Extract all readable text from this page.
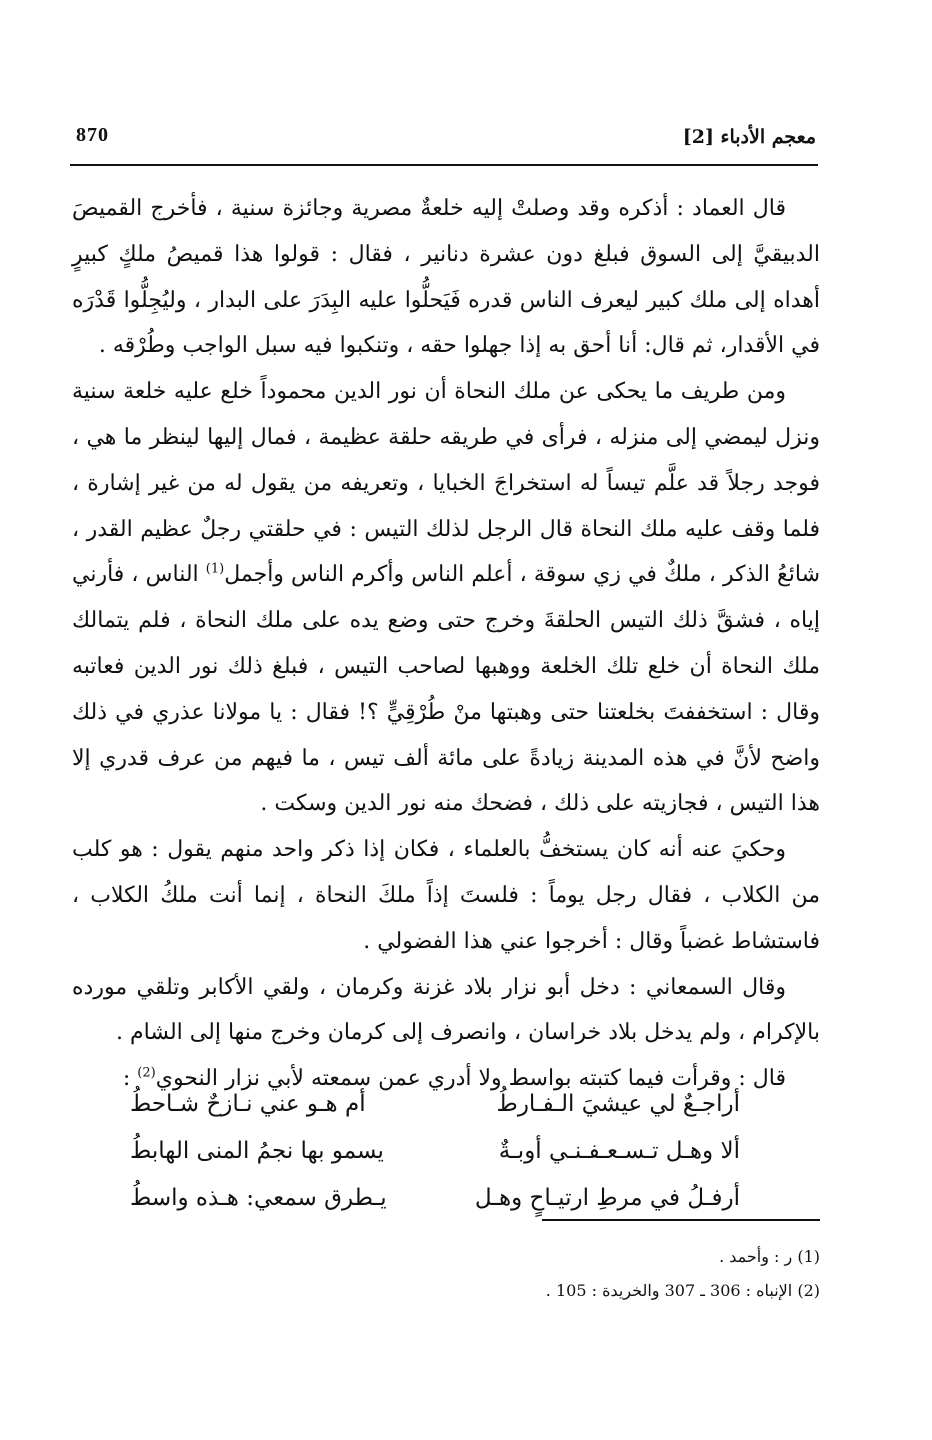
معجم الأدباء [2]
870

قال العماد : أذكره وقد وصلتْ إليه خلعةٌ مصرية وجائزة سنية ، فأخرج القميصَ الدبيقيَّ إلى السوق فبلغ دون عشرة دنانير ، فقال : قولوا هذا قميصُ ملكٍ كبيرٍ أهداه إلى ملك كبير ليعرف الناس قدره فَيَحلُّوا عليه البِدَرَ على البدار ، وليُجِلُّوا قَدْرَه في الأقدار، ثم قال: أنا أحق به إذا جهلوا حقه ، وتنكبوا فيه سبل الواجب وطُرْقه .

ومن طريف ما يحكى عن ملك النحاة أن نور الدين محموداً خلع عليه خلعة سنية ونزل ليمضي إلى منزله ، فرأى في طريقه حلقة عظيمة ، فمال إليها لينظر ما هي ، فوجد رجلاً قد علَّم تيساً له استخراجَ الخبايا ، وتعريفه من يقول له من غير إشارة ، فلما وقف عليه ملك النحاة قال الرجل لذلك التيس : في حلقتي رجلٌ عظيم القدر ، شائعُ الذكر ، ملكٌ في زي سوقة ، أعلم الناس وأكرم الناس وأجمل$^{(1)}$ الناس ، فأرني إياه ، فشقَّ ذلك التيس الحلقةَ وخرج حتى وضع يده على ملك النحاة ، فلم يتمالك ملك النحاة أن خلع تلك الخلعة ووهبها لصاحب التيس ، فبلغ ذلك نور الدين فعاتبه وقال : استخففتَ بخلعتنا حتى وهبتها منْ طُرْقِيٍّ ؟! فقال : يا مولانا عذري في ذلك واضح لأنَّ في هذه المدينة زيادةً على مائة ألف تيس ، ما فيهم من عرف قدري إلا هذا التيس ، فجازيته على ذلك ، فضحك منه نور الدين وسكت .

وحكيَ عنه أنه كان يستخفُّ بالعلماء ، فكان إذا ذكر واحد منهم يقول : هو كلب من الكلاب ، فقال رجل يوماً : فلستَ إذاً ملكَ النحاة ، إنما أنت ملكُ الكلاب ، فاستشاط غضباً وقال : أخرجوا عني هذا الفضولي .

وقال السمعاني : دخل أبو نزار بلاد غزنة وكرمان ، ولقي الأكابر وتلقي مورده بالإكرام ، ولم يدخل بلاد خراسان ، وانصرف إلى كرمان وخرج منها إلى الشام .

قال : وقرأت فيما كتبته بواسط ولا أدري عمن سمعته لأبي نزار النحوي$^{(2)}$ :

أراجـعٌ لي عيشيَ الـفـارطُ
أم هـو عني نـازحٌ شـاحطُ
ألا وهـل تـسـعـفـنـي أوبـةٌ
يسمو بها نجمُ المنى الهابطُ
أرفـلُ في مرطِ ارتيـاحٍ وهـل
يـطرق سمعي: هـذه واسطُ

(1) ر : وأحمد .

(2) الإنباه : 306 ـ 307 والخريدة : 105 .
